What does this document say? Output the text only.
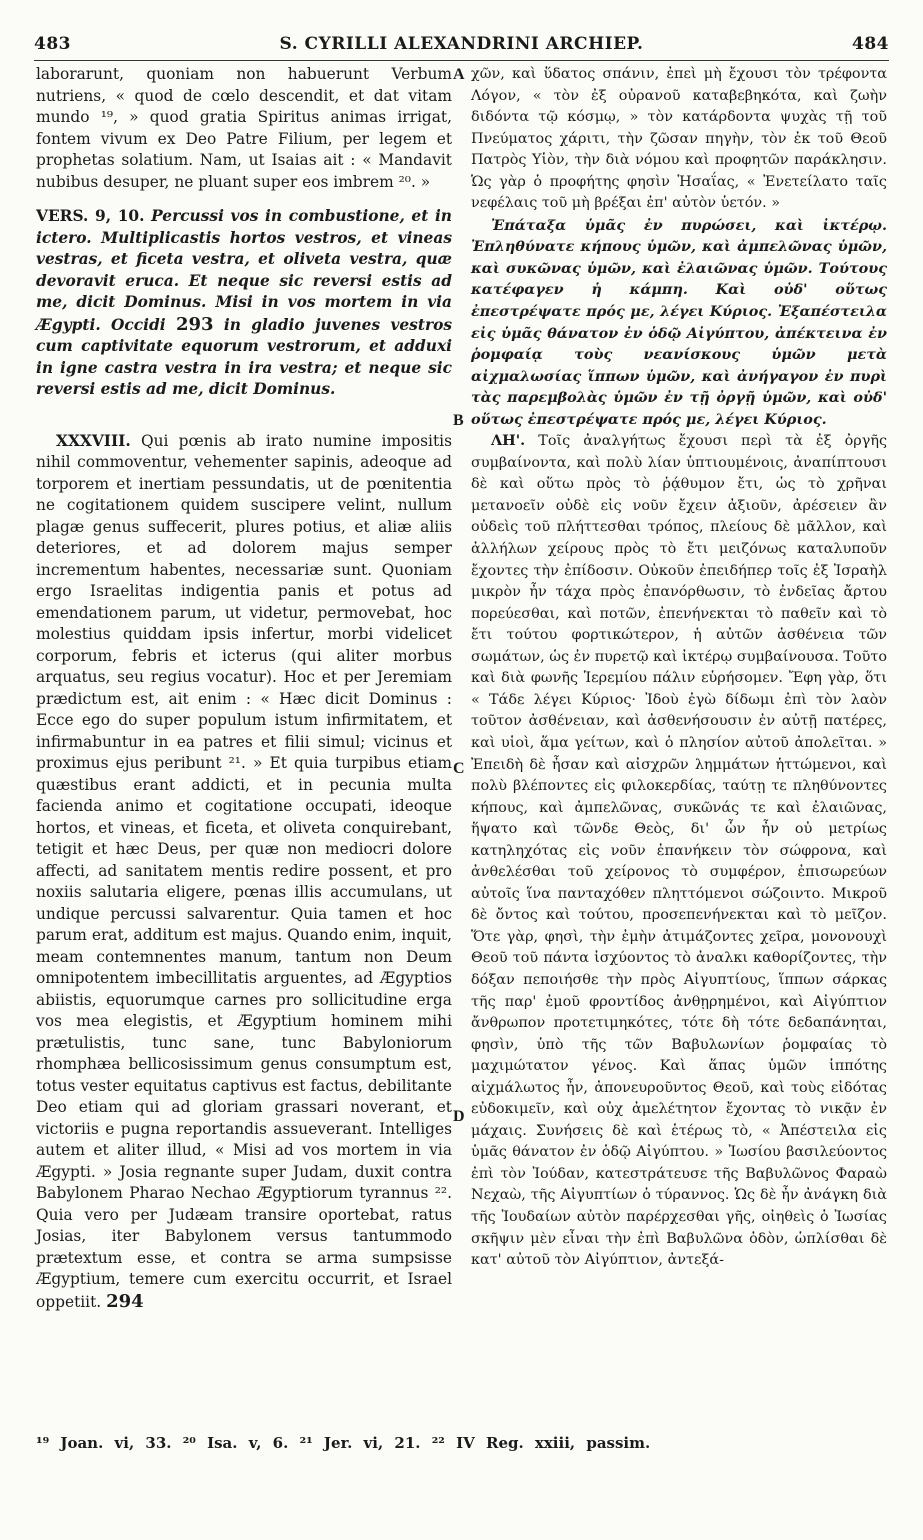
483	S. CYRILLI ALEXANDRINI ARCHIEP.	484

laborarunt, quoniam non habuerunt Verbum nutriens, « quod de cœlo descendit, et dat vitam mundo ¹⁹, » quod gratia Spiritus animas irrigat, fontem vivum ex Deo Patre Filium, per legem et prophetas solatium. Nam, ut Isaias ait : « Mandavit nubibus desuper, ne pluant super eos imbrem ²⁰. »

VERS. 9, 10. Percussi vos in combustione, et in ictero. Multiplicastis hortos vestros, et vineas vestras, et ficeta vestra, et oliveta vestra, quæ devoravit eruca. Et neque sic reversi estis ad me, dicit Dominus. Misi in vos mortem in via Ægypti. Occidi 293 in gladio juvenes vestros cum captivitate equorum vestrorum, et adduxi in igne castra vestra in ira vestra; et neque sic reversi estis ad me, dicit Dominus.

XXXVIII. Qui pœnis ab irato numine impositis nihil commoventur, vehementer sapinis, adeoque ad torporem et inertiam pessundatis, ut de pœnitentia ne cogitationem quidem suscipere velint, nullum plagæ genus suffecerit, plures potius, et aliæ aliis deteriores, et ad dolorem majus semper incrementum habentes, necessariæ sunt. Quoniam ergo Israelitas indigentia panis et potus ad emendationem parum, ut videtur, permovebat, hoc molestius quiddam ipsis infertur, morbi videlicet corporum, febris et icterus (qui aliter morbus arquatus, seu regius vocatur). Hoc et per Jeremiam prædictum est, ait enim : « Hæc dicit Dominus : Ecce ego do super populum istum infirmitatem, et infirmabuntur in ea patres et filii simul; vicinus et proximus ejus peribunt ²¹. » Et quia turpibus etiam quæstibus erant addicti, et in pecunia multa facienda animo et cogitatione occupati, ideoque hortos, et vineas, et ficeta, et oliveta conquirebant, tetigit et hæc Deus, per quæ non mediocri dolore affecti, ad sanitatem mentis redire possent, et pro noxiis salutaria eligere, pœnas illis accumulans, ut undique percussi salvarentur. Quia tamen et hoc parum erat, additum est majus. Quando enim, inquit, meam contemnentes manum, tantum non Deum omnipotentem imbecillitatis arguentes, ad Ægyptios abiistis, equorumque carnes pro sollicitudine erga vos mea elegistis, et Ægyptium hominem mihi prætulistis, tunc sane, tunc Babyloniorum rhomphæa bellicosissimum genus consumptum est, totus vester equitatus captivus est factus, debilitante Deo etiam qui ad gloriam grassari noverant, et victoriis e pugna reportandis assueverant. Intelliges autem et aliter illud, « Misi ad vos mortem in via Ægypti. » Josia regnante super Judam, duxit contra Babylonem Pharao Nechao Ægyptiorum tyrannus ²². Quia vero per Judæam transire oportebat, ratus Josias, iter Babylonem versus tantummodo prætextum esse, et contra se arma sumpsisse Ægyptium, temere cum exercitu occurrit, et Israel oppetiit. 294

A
B
C
D

χῶν, καὶ ὕδατος σπάνιν, ἐπεὶ μὴ ἔχουσι τὸν τρέφοντα Λόγον, « τὸν ἐξ οὐρανοῦ καταβεβηκότα, καὶ ζωὴν διδόντα τῷ κόσμῳ, » τὸν κατάρδοντα ψυχὰς τῇ τοῦ Πνεύματος χάριτι, τὴν ζῶσαν πηγὴν, τὸν ἐκ τοῦ Θεοῦ Πατρὸς Υἱὸν, τὴν διὰ νόμου καὶ προφητῶν παράκλησιν. Ὡς γὰρ ὁ προφήτης φησὶν Ἡσαΐας, « Ἐνετείλατο ταῖς νεφέλαις τοῦ μὴ βρέξαι ἐπ' αὐτὸν ὑετόν. »

Ἐπάταξα ὑμᾶς ἐν πυρώσει, καὶ ἰκτέρῳ. Ἐπληθύνατε κήπους ὑμῶν, καὶ ἀμπελῶνας ὑμῶν, καὶ συκῶνας ὑμῶν, καὶ ἐλαιῶνας ὑμῶν. Τούτους κατέφαγεν ἡ κάμπη. Καὶ οὐδ' οὕτως ἐπεστρέψατε πρός με, λέγει Κύριος. Ἐξαπέστειλα εἰς ὑμᾶς θάνατον ἐν ὁδῷ Αἰγύπτου, ἀπέκτεινα ἐν ῥομφαίᾳ τοὺς νεανίσκους ὑμῶν μετὰ αἰχμαλωσίας ἵππων ὑμῶν, καὶ ἀνήγαγον ἐν πυρὶ τὰς παρεμβολὰς ὑμῶν ἐν τῇ ὀργῇ ὑμῶν, καὶ οὐδ' οὕτως ἐπεστρέψατε πρός με, λέγει Κύριος.

ΛΗ'. Τοῖς ἀναλγήτως ἔχουσι περὶ τὰ ἐξ ὀργῆς συμβαίνοντα, καὶ πολὺ λίαν ὑπτιουμένοις, ἀναπίπτουσι δὲ καὶ οὕτω πρὸς τὸ ῥᾴθυμον ἔτι, ὡς τὸ χρῆναι μετανοεῖν οὐδὲ εἰς νοῦν ἔχειν ἀξιοῦν, ἀρέσειεν ἂν οὐδεὶς τοῦ πλήττεσθαι τρόπος, πλείους δὲ μᾶλλον, καὶ ἀλλήλων χείρους πρὸς τὸ ἔτι μειζόνως καταλυποῦν ἔχοντες τὴν ἐπίδοσιν. Οὐκοῦν ἐπειδήπερ τοῖς ἐξ Ἰσραὴλ μικρὸν ἦν τάχα πρὸς ἐπανόρθωσιν, τὸ ἐνδεῖας ἄρτου πορεύεσθαι, καὶ ποτῶν, ἐπενήνεκται τὸ παθεῖν καὶ τὸ ἔτι τούτου φορτικώτερον, ἡ αὐτῶν ἀσθένεια τῶν σωμάτων, ὡς ἐν πυρετῷ καὶ ἰκτέρῳ συμβαίνουσα. Τοῦτο καὶ διὰ φωνῆς Ἱερεμίου πάλιν εὑρήσομεν. Ἔφη γὰρ, ὅτι « Τάδε λέγει Κύριος· Ἰδοὺ ἐγὼ δίδωμι ἐπὶ τὸν λαὸν τοῦτον ἀσθένειαν, καὶ ἀσθενήσουσιν ἐν αὐτῇ πατέρες, καὶ υἱοὶ, ἅμα γείτων, καὶ ὁ πλησίον αὐτοῦ ἀπολεῖται. » Ἐπειδὴ δὲ ἦσαν καὶ αἰσχρῶν λημμάτων ἡττώμενοι, καὶ πολὺ βλέποντες εἰς φιλοκερδίας, ταύτῃ τε πληθύνοντες κήπους, καὶ ἀμπελῶνας, συκῶνάς τε καὶ ἐλαιῶνας, ἥψατο καὶ τῶνδε Θεὸς, δι' ὧν ἦν οὐ μετρίως κατηληχότας εἰς νοῦν ἐπανήκειν τὸν σώφρονα, καὶ ἀνθελέσθαι τοῦ χείρονος τὸ συμφέρον, ἐπισωρεύων αὐτοῖς ἵνα πανταχόθεν πληττόμενοι σώζοιντο. Μικροῦ δὲ ὄντος καὶ τούτου, προσεπενήνεκται καὶ τὸ μεῖζον. Ὅτε γὰρ, φησὶ, τὴν ἐμὴν ἀτιμάζοντες χεῖρα, μονονουχὶ Θεοῦ τοῦ πάντα ἰσχύοντος τὸ ἀναλκι καθορίζοντες, τὴν δόξαν πεποιήσθε τὴν πρὸς Αἰγυπτίους, ἵππων σάρκας τῆς παρ' ἐμοῦ φροντίδος ἀνθῃρημένοι, καὶ Αἰγύπτιον ἄνθρωπον προτετιμηκότες, τότε δὴ τότε δεδαπάνηται, φησὶν, ὑπὸ τῆς τῶν Βαβυλωνίων ῥομφαίας τὸ μαχιμώτατον γένος. Καὶ ἅπας ὑμῶν ἱππότης αἰχμάλωτος ἦν, ἀπονευροῦντος Θεοῦ, καὶ τοὺς εἰδότας εὐδοκιμεῖν, καὶ οὐχ ἀμελέτητον ἔχοντας τὸ νικᾷν ἐν μάχαις. Συνήσεις δὲ καὶ ἑτέρως τὸ, « Ἀπέστειλα εἰς ὑμᾶς θάνατον ἐν ὁδῷ Αἰγύπτου. » Ἰωσίου βασιλεύοντος ἐπὶ τὸν Ἰούδαν, κατεστράτευσε τῆς Βαβυλῶνος Φαραὼ Νεχαὼ, τῆς Αἰγυπτίων ὁ τύραννος. Ὡς δὲ ἦν ἀνάγκη διὰ τῆς Ἰουδαίων αὐτὸν παρέρχεσθαι γῆς, οἰηθεὶς ὁ Ἰωσίας σκῆψιν μὲν εἶναι τὴν ἐπὶ Βαβυλῶνα ὁδὸν, ὡπλίσθαι δὲ κατ' αὐτοῦ τὸν Αἰγύπτιον, ἀντεξά-

¹⁹ Joan. vi, 33. ²⁰ Isa. v, 6. ²¹ Jer. vi, 21. ²² IV Reg. xxiii, passim.
